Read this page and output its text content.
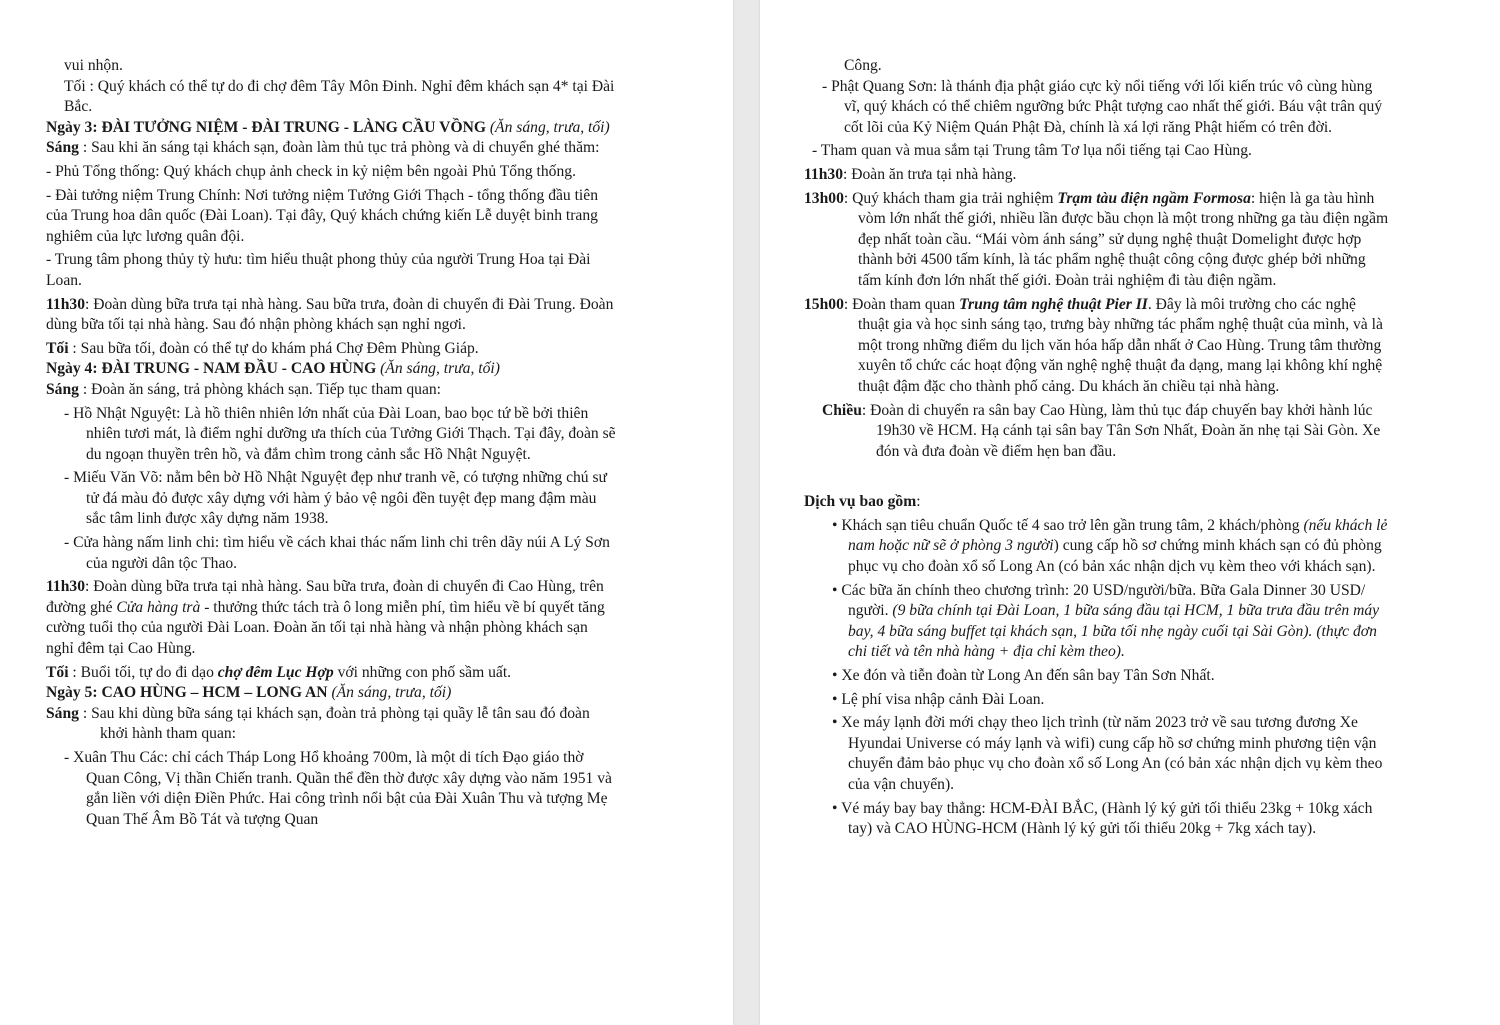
vui nhộn.

Tối : Quý khách có thể tự do đi chợ đêm Tây Môn Đinh. Nghỉ đêm khách sạn 4* tại Đài Bắc.

Ngày 3: ĐÀI TƯỞNG NIỆM - ĐÀI TRUNG - LÀNG CẦU VỒNG (Ăn sáng, trưa, tối)

Sáng : Sau khi ăn sáng tại khách sạn, đoàn làm thủ tục trả phòng và di chuyển ghé thăm:

- Phủ Tổng thống: Quý khách chụp ảnh check in kỷ niệm bên ngoài Phủ Tổng thống.

- Đài tưởng niệm Trung Chính: Nơi tưởng niệm Tưởng Giới Thạch - tổng thống đầu tiên của Trung hoa dân quốc (Đài Loan). Tại đây, Quý khách chứng kiến Lễ duyệt binh trang nghiêm của lực lương quân đội.

- Trung tâm phong thủy tỳ hưu: tìm hiểu thuật phong thủy của người Trung Hoa tại Đài Loan.

11h30: Đoàn dùng bữa trưa tại nhà hàng. Sau bữa trưa, đoàn di chuyển đi Đài Trung. Đoàn dùng bữa tối tại nhà hàng. Sau đó nhận phòng khách sạn nghỉ ngơi.

Tối : Sau bữa tối, đoàn có thể tự do khám phá Chợ Đêm Phùng Giáp.

Ngày 4: ĐÀI TRUNG - NAM ĐẦU - CAO HÙNG (Ăn sáng, trưa, tối)

Sáng : Đoàn ăn sáng, trả phòng khách sạn. Tiếp tục tham quan:

- Hồ Nhật Nguyệt: Là hồ thiên nhiên lớn nhất của Đài Loan, bao bọc tứ bề bởi thiên nhiên tươi mát, là điểm nghỉ dưỡng ưa thích của Tưởng Giới Thạch. Tại đây, đoàn sẽ du ngoạn thuyền trên hồ, và đắm chìm trong cảnh sắc Hồ Nhật Nguyệt.

- Miếu Văn Võ: nằm bên bờ Hồ Nhật Nguyệt đẹp như tranh vẽ, có tượng những chú sư tử đá màu đỏ được xây dựng với hàm ý bảo vệ ngôi đền tuyệt đẹp mang đậm màu sắc tâm linh được xây dựng năm 1938.

- Cửa hàng nấm linh chi: tìm hiểu về cách khai thác nấm linh chi trên dãy núi A Lý Sơn của người dân tộc Thao.

11h30: Đoàn dùng bữa trưa tại nhà hàng. Sau bữa trưa, đoàn di chuyển đi Cao Hùng, trên đường ghé Cửa hàng trà - thưởng thức tách trà ô long miễn phí, tìm hiểu về bí quyết tăng cường tuổi thọ của người Đài Loan. Đoàn ăn tối tại nhà hàng và nhận phòng khách sạn nghỉ đêm tại Cao Hùng.

Tối : Buổi tối, tự do đi dạo chợ đêm Lục Hợp với những con phố sầm uất.

Ngày 5: CAO HÙNG – HCM – LONG AN (Ăn sáng, trưa, tối)

Sáng : Sau khi dùng bữa sáng tại khách sạn, đoàn trả phòng tại quầy lễ tân sau đó đoàn khởi hành tham quan:

- Xuân Thu Các: chỉ cách Tháp Long Hổ khoảng 700m, là một di tích Đạo giáo thờ Quan Công, Vị thần Chiến tranh. Quần thể đền thờ được xây dựng vào năm 1951 và gắn liền với diện Điền Phức. Hai công trình nổi bật của Đài Xuân Thu và tượng Mẹ Quan Thế Âm Bồ Tát và tượng Quan

Công.

- Phật Quang Sơn: là thánh địa phật giáo cực kỳ nổi tiếng với lối kiến trúc vô cùng hùng vĩ, quý khách có thể chiêm ngưỡng bức Phật tượng cao nhất thế giới. Báu vật trân quý cốt lõi của Kỷ Niệm Quán Phật Đà, chính là xá lợi răng Phật hiếm có trên đời.

- Tham quan và mua sắm tại Trung tâm Tơ lụa nổi tiếng tại Cao Hùng.

11h30: Đoàn ăn trưa tại nhà hàng.

13h00: Quý khách tham gia trải nghiệm Trạm tàu điện ngầm Formosa: hiện là ga tàu hình vòm lớn nhất thế giới, nhiều lần được bầu chọn là một trong những ga tàu điện ngầm đẹp nhất toàn cầu. “Mái vòm ánh sáng” sử dụng nghệ thuật Domelight được hợp thành bởi 4500 tấm kính, là tác phẩm nghệ thuật công cộng được ghép bởi những tấm kính đơn lớn nhất thế giới. Đoàn trải nghiệm đi tàu điện ngầm.

15h00: Đoàn tham quan Trung tâm nghệ thuật Pier II. Đây là môi trường cho các nghệ thuật gia và học sinh sáng tạo, trưng bày những tác phẩm nghệ thuật của mình, và là một trong những điểm du lịch văn hóa hấp dẫn nhất ở Cao Hùng. Trung tâm thường xuyên tổ chức các hoạt động văn nghệ nghệ thuật đa dạng, mang lại không khí nghệ thuật đậm đặc cho thành phố cảng. Du khách ăn chiều tại nhà hàng.

Chiều: Đoàn di chuyển ra sân bay Cao Hùng, làm thủ tục đáp chuyến bay khởi hành lúc 19h30 về HCM. Hạ cánh tại sân bay Tân Sơn Nhất, Đoàn ăn nhẹ tại Sài Gòn. Xe đón và đưa đoàn về điểm hẹn ban đầu.

Dịch vụ bao gồm:

• Khách sạn tiêu chuẩn Quốc tế 4 sao trở lên gần trung tâm, 2 khách/phòng (nếu khách lẻ nam hoặc nữ sẽ ở phòng 3 người) cung cấp hồ sơ chứng minh khách sạn có đủ phòng phục vụ cho đoàn xổ số Long An (có bản xác nhận dịch vụ kèm theo với khách sạn).

• Các bữa ăn chính theo chương trình: 20 USD/người/bữa. Bữa Gala Dinner 30 USD/ người. (9 bữa chính tại Đài Loan, 1 bữa sáng đầu tại HCM, 1 bữa trưa đầu trên máy bay, 4 bữa sáng buffet tại khách sạn, 1 bữa tối nhẹ ngày cuối tại Sài Gòn). (thực đơn chi tiết và tên nhà hàng + địa chỉ kèm theo).

• Xe đón và tiễn đoàn từ Long An đến sân bay Tân Sơn Nhất.

• Lệ phí visa nhập cảnh Đài Loan.

• Xe máy lạnh đời mới chạy theo lịch trình (từ năm 2023 trở về sau tương đương Xe Hyundai Universe có máy lạnh và wifi) cung cấp hồ sơ chứng minh phương tiện vận chuyển đảm bảo phục vụ cho đoàn xổ số Long An (có bản xác nhận dịch vụ kèm theo của vận chuyển).

• Vé máy bay bay thẳng: HCM-ĐÀI BẮC, (Hành lý ký gửi tối thiểu 23kg + 10kg xách tay) và CAO HÙNG-HCM (Hành lý ký gửi tối thiểu 20kg + 7kg xách tay).
